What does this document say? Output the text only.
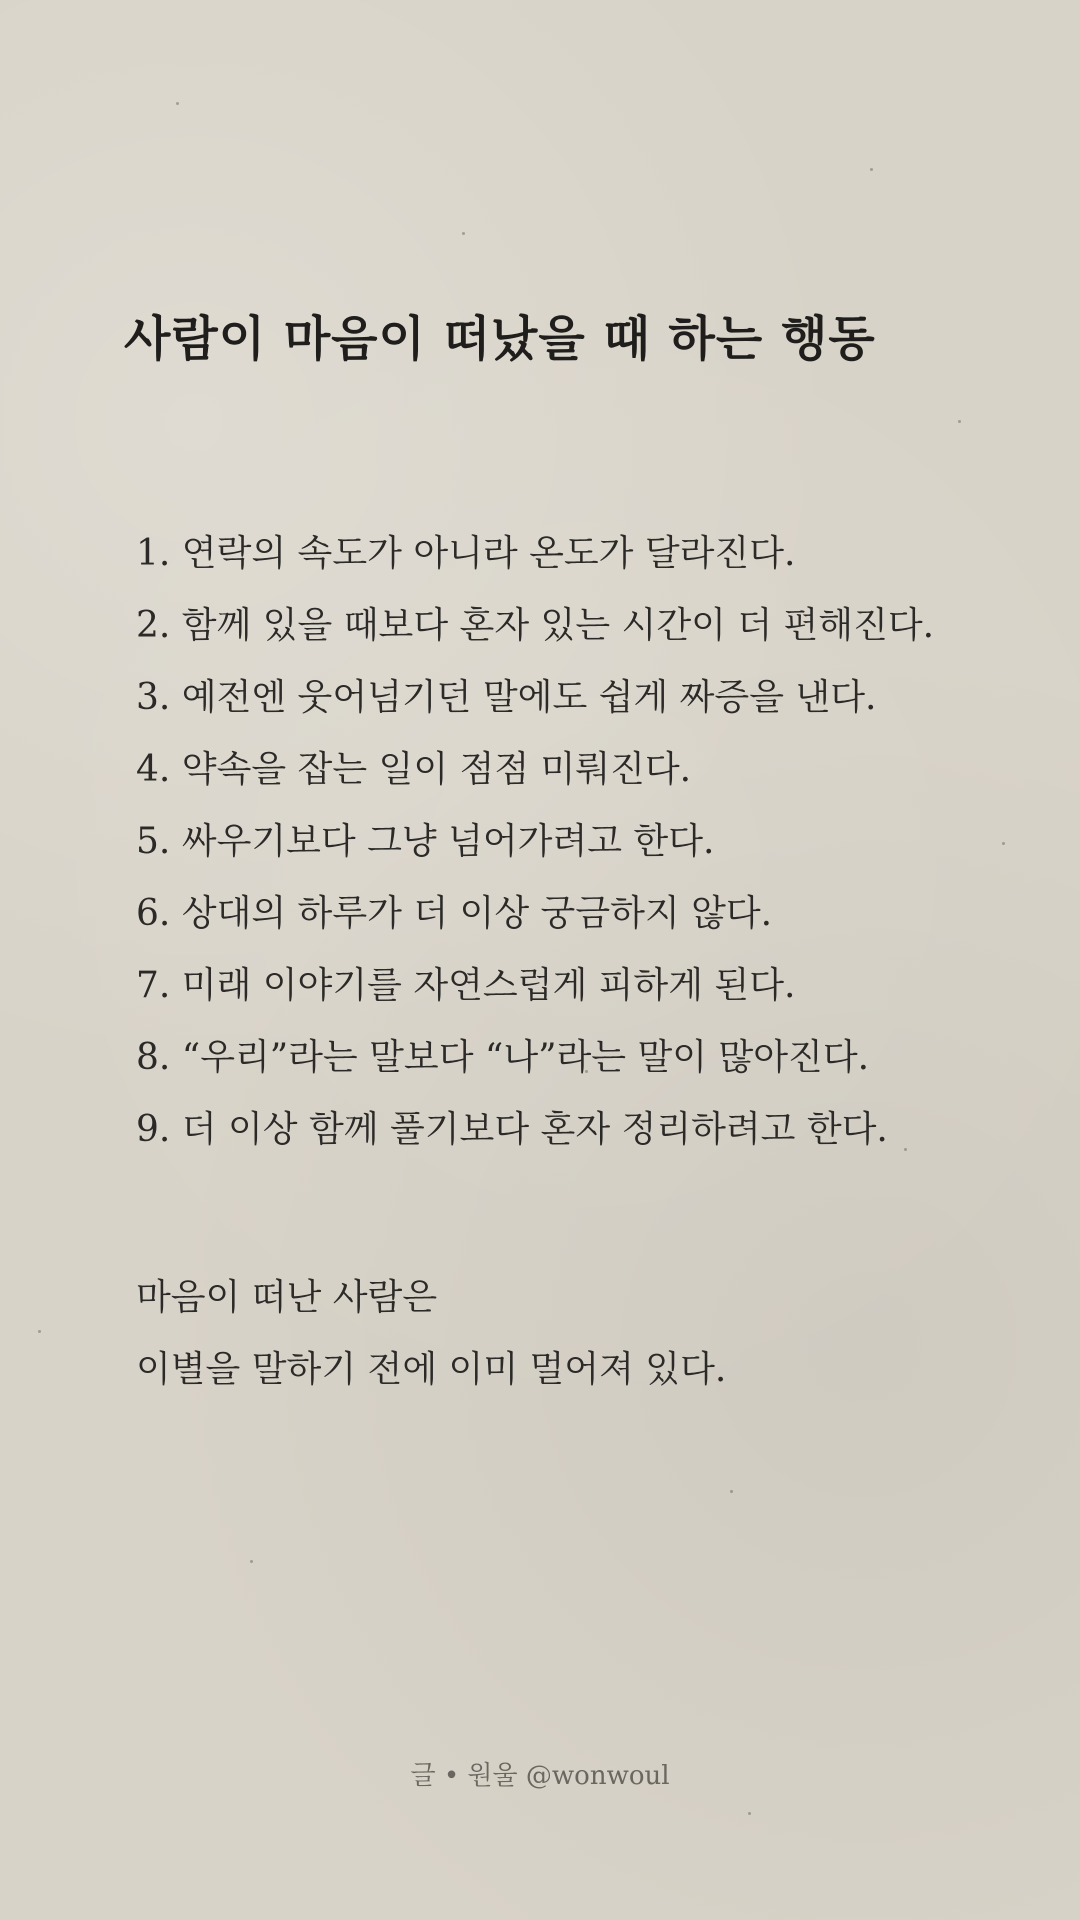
사람이 마음이 떠났을 때 하는 행동
1. 연락의 속도가 아니라 온도가 달라진다.
2. 함께 있을 때보다 혼자 있는 시간이 더 편해진다.
3. 예전엔 웃어넘기던 말에도 쉽게 짜증을 낸다.
4. 약속을 잡는 일이 점점 미뤄진다.
5. 싸우기보다 그냥 넘어가려고 한다.
6. 상대의 하루가 더 이상 궁금하지 않다.
7. 미래 이야기를 자연스럽게 피하게 된다.
8. “우리”라는 말보다 “나”라는 말이 많아진다.
9. 더 이상 함께 풀기보다 혼자 정리하려고 한다.
마음이 떠난 사람은
이별을 말하기 전에 이미 멀어져 있다.
글 • 원울 @wonwoul
